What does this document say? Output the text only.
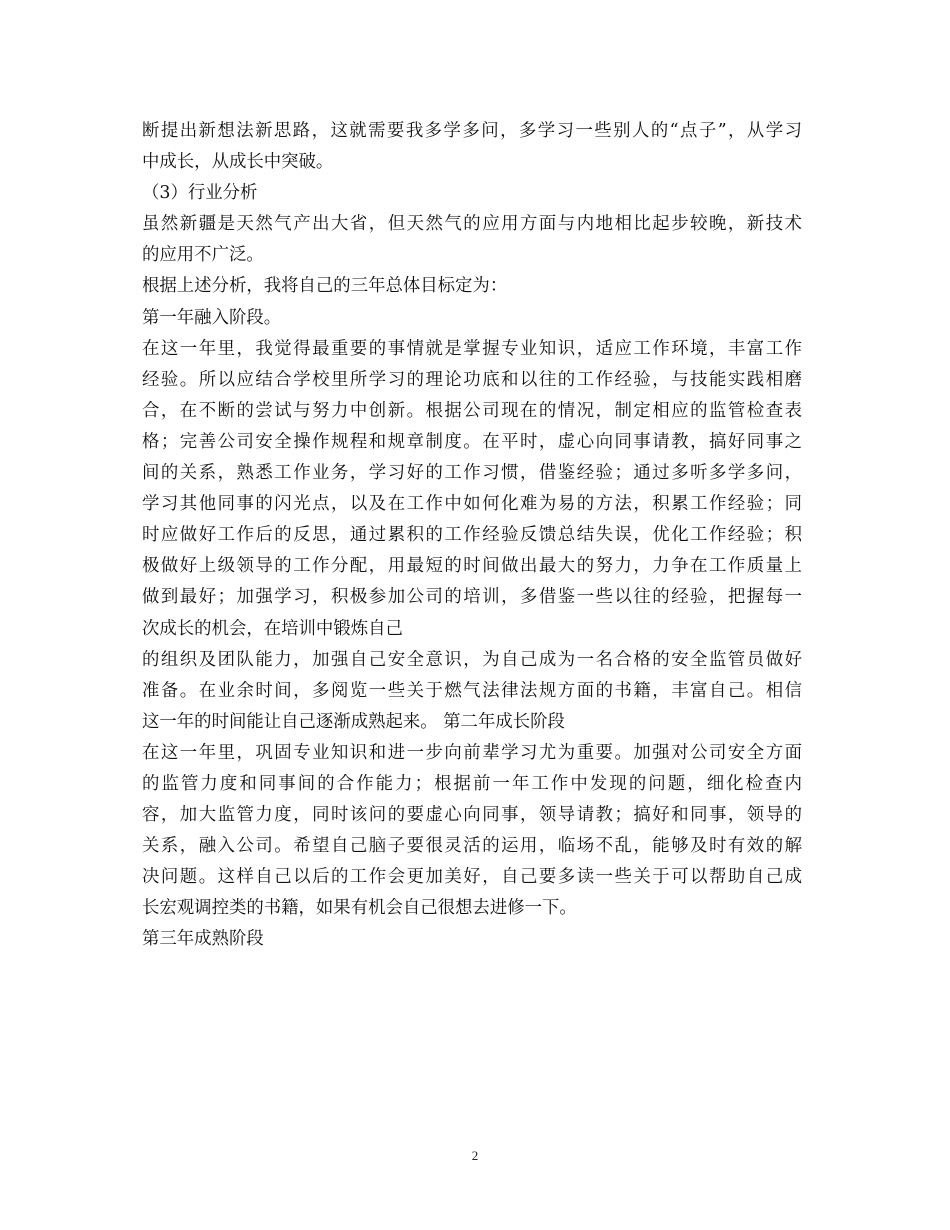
断提出新想法新思路，这就需要我多学多问，多学习一些别人的“点子”，从学习
中成长，从成长中突破。
（3）行业分析
虽然新疆是天然气产出大省，但天然气的应用方面与内地相比起步较晚，新技术
的应用不广泛。
根据上述分析，我将自己的三年总体目标定为：
第一年融入阶段。
在这一年里，我觉得最重要的事情就是掌握专业知识，适应工作环境，丰富工作
经验。所以应结合学校里所学习的理论功底和以往的工作经验，与技能实践相磨
合，在不断的尝试与努力中创新。根据公司现在的情况，制定相应的监管检查表
格；完善公司安全操作规程和规章制度。在平时，虚心向同事请教，搞好同事之
间的关系，熟悉工作业务，学习好的工作习惯，借鉴经验；通过多听多学多问，
学习其他同事的闪光点，以及在工作中如何化难为易的方法，积累工作经验；同
时应做好工作后的反思，通过累积的工作经验反馈总结失误，优化工作经验；积
极做好上级领导的工作分配，用最短的时间做出最大的努力，力争在工作质量上
做到最好；加强学习，积极参加公司的培训，多借鉴一些以往的经验，把握每一
次成长的机会，在培训中锻炼自己
的组织及团队能力，加强自己安全意识，为自己成为一名合格的安全监管员做好
准备。在业余时间，多阅览一些关于燃气法律法规方面的书籍，丰富自己。相信
这一年的时间能让自己逐渐成熟起来。 第二年成长阶段
在这一年里，巩固专业知识和进一步向前辈学习尤为重要。加强对公司安全方面
的监管力度和同事间的合作能力；根据前一年工作中发现的问题，细化检查内
容，加大监管力度，同时该问的要虚心向同事，领导请教；搞好和同事，领导的
关系，融入公司。希望自己脑子要很灵活的运用，临场不乱，能够及时有效的解
决问题。这样自己以后的工作会更加美好，自己要多读一些关于可以帮助自己成
长宏观调控类的书籍，如果有机会自己很想去进修一下。
第三年成熟阶段
2
